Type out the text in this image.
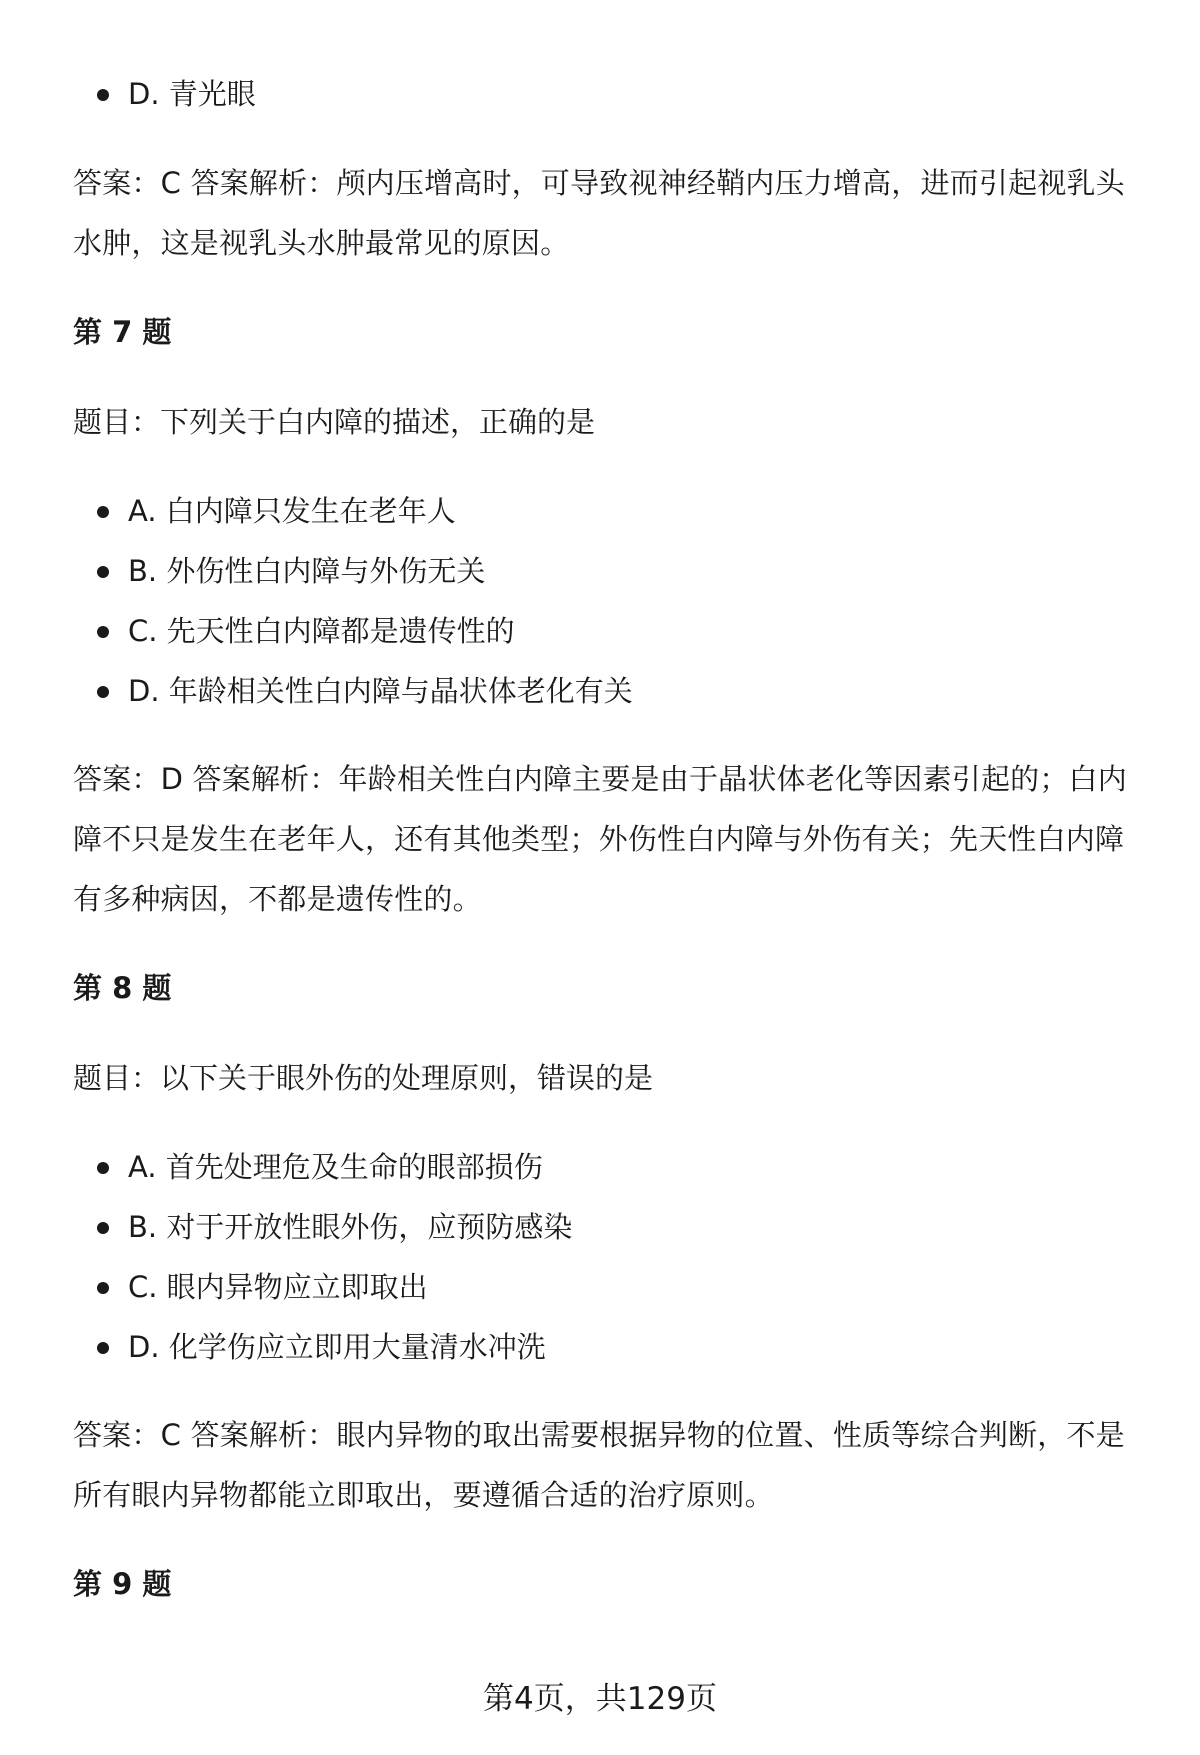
D. 青光眼
答案：C 答案解析：颅内压增高时，可导致视神经鞘内压力增高，进而引起视乳头水肿，这是视乳头水肿最常见的原因。
第 7 题
题目：下列关于白内障的描述，正确的是
A. 白内障只发生在老年人
B. 外伤性白内障与外伤无关
C. 先天性白内障都是遗传性的
D. 年龄相关性白内障与晶状体老化有关
答案：D 答案解析：年龄相关性白内障主要是由于晶状体老化等因素引起的；白内障不只是发生在老年人，还有其他类型；外伤性白内障与外伤有关；先天性白内障有多种病因，不都是遗传性的。
第 8 题
题目：以下关于眼外伤的处理原则，错误的是
A. 首先处理危及生命的眼部损伤
B. 对于开放性眼外伤，应预防感染
C. 眼内异物应立即取出
D. 化学伤应立即用大量清水冲洗
答案：C 答案解析：眼内异物的取出需要根据异物的位置、性质等综合判断，不是所有眼内异物都能立即取出，要遵循合适的治疗原则。
第 9 题
第4页，共129页
